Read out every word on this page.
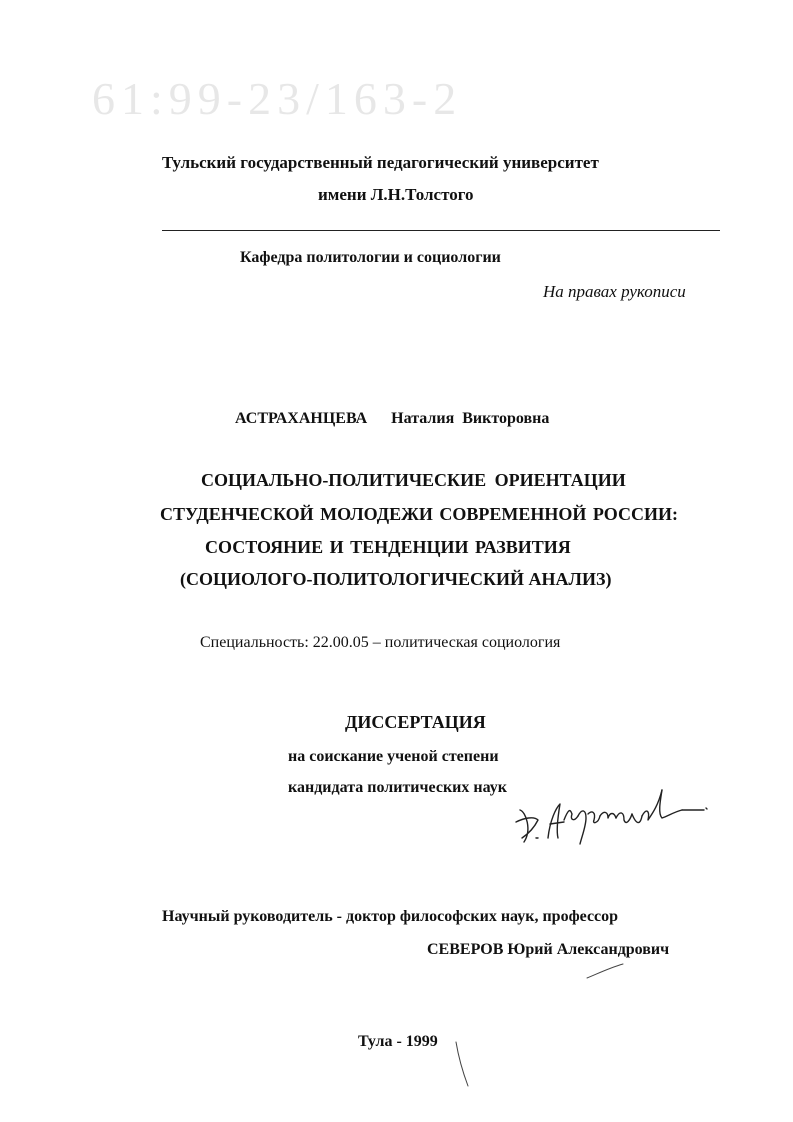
61:99-23/163-2
Тульский государственный педагогический университет
имени Л.Н.Толстого
Кафедра политологии и социологии
На правах рукописи
АСТРАХАНЦЕВА Наталия Викторовна
СОЦИАЛЬНО-ПОЛИТИЧЕСКИЕ ОРИЕНТАЦИИ
СТУДЕНЧЕСКОЙ МОЛОДЕЖИ СОВРЕМЕННОЙ РОССИИ:
СОСТОЯНИЕ И ТЕНДЕНЦИИ РАЗВИТИЯ
(СОЦИОЛОГО-ПОЛИТОЛОГИЧЕСКИЙ АНАЛИЗ)
Специальность: 22.00.05 – политическая социология
ДИССЕРТАЦИЯ
на соискание ученой степени
кандидата политических наук
Научный руководитель - доктор философских наук, профессор
СЕВЕРОВ Юрий Александрович
Тула - 1999
